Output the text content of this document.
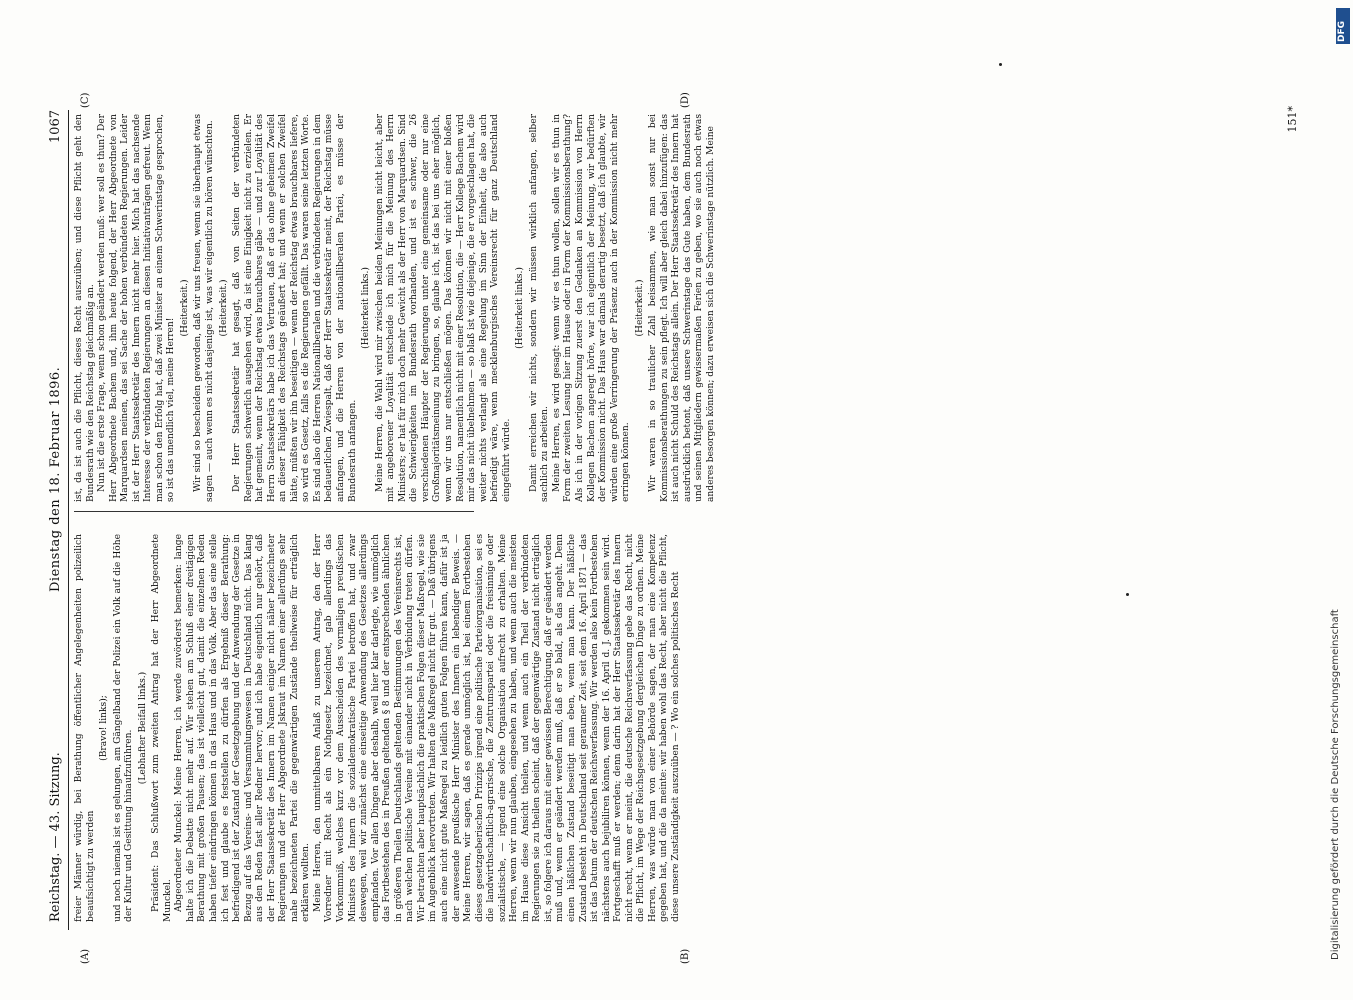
Reichstag. — 43. Sitzung.
Dienstag den 18. Februar 1896.
1067
(A)	(B)
(C)	(D)

freier Männer würdig, bei Berathung öffentlicher Angelegenheiten polizeilich beaufsichtigt zu werden

(Bravo! links); und noch niemals ist es gelungen, am Gängelband der Polizei ein Volk auf die Höhe der Kultur und Gesittung hinaufzuführen.

(Lebhafter Beifall links.) Präsident: Das Schlußwort zum zweiten Antrag hat der Herr Abgeordnete Munckel. Abgeordneter Munckel: Meine Herren, ich werde zuvörderst bemerken: lange halte ich die Debatte nicht mehr auf. Wir stehen am Schluß einer dreitägigen Berathung mit großen Pausen; das ist vielleicht gut, damit die einzelnen Reden haben tiefer eindringen können in das Haus und in das Volk. Aber das eine stelle ich fest und glaube es feststellen zu dürfen als Ergebniß dieser Berathung: befriedigend ist der Zustand der Gesetzgebung und der Anwendung der Gesetze in Bezug auf das Vereins- und Versammlungswesen in Deutschland nicht. Das klang aus den Reden fast aller Redner hervor; und ich habe eigentlich nur gehört, daß der Herr Staatssekretär des Innern im Namen einiger nicht näher bezeichneter Regierungen und der Herr Abgeordnete Jskraut im Namen einer allerdings sehr nahe bezeichneten Partei die gegenwärtigen Zustände theilweise für erträglich erklären wollten. Meine Herren, den unmittelbaren Anlaß zu unserem Antrag, den der Herr Vorredner mit Recht als ein Nothgesetz bezeichnet, gab allerdings das Vorkommniß, welches kurz vor dem Ausscheiden des vormaligen preußischen Ministers des Innern die sozialdemokratische Partei betroffen hat, und zwar deswegen, weil wir zunächst eine einseitige Anwendung des Gesetzes allerdings empfanden. Vor allen Dingen aber deshalb, weil hier klar darlegte, wie unmöglich das Fortbestehen des in Preußen geltenden § 8 und der entsprechenden ähnlichen in größeren Theilen Deutschlands geltenden Bestimmungen des Vereinsrechts ist, nach welchen politische Vereine mit einander nicht in Verbindung treten dürfen. Wir betrachten aber hauptsächlich die praktischen Folgen dieser Maßregel, wie sie im Augenblick hervortreten. Wir halten die Maßregel nicht für gut. — Daß übrigens auch eine nicht gute Maßregel zu leidlich guten Folgen führen kann, dafür ist ja der anwesende preußische Herr Minister des Innern ein lebendiger Beweis. — Meine Herren, wir sagen, daß es gerade unmöglich ist, bei einem Fortbestehen dieses gesetzgeberischen Prinzips irgend eine politische Parteiorganisation, sei es die landwirthschaftlich-agrarische, die Zentrumspartei oder die freisinnige oder sozialistische, — irgend eine solche Organisation aufrecht zu erhalten. Meine Herren, wenn wir nun glauben, eingesehen zu haben, und wenn auch die meisten im Hause diese Ansicht theilen, und wenn auch ein Theil der verbündeten Regierungen sie zu theilen scheint, daß der gegenwärtige Zustand nicht erträglich ist, so folgere ich daraus mit einer gewissen Berechtigung, daß er geändert werden muß und, wenn er geändert werden muß, daß er so bald, als das angeht. Denn einen häßlichen Zustand beseitigt man eben, wenn man kann. Der häßliche Zustand besteht in Deutschland seit geraumer Zeit, seit dem 16. April 1871 — das ist das Datum der deutschen Reichsverfassung. Wir werden also kein Fortbestehen nächstens auch bejubiliren können, wenn der 16. April d. J. gekommen sein wird. Fortgeschafft muß er werden; denn darin hat der Herr Staatssekretär des Innern nicht recht, wenn er meint, die deutsche Reichsverfassung gebe das Recht, nicht die Pflicht, im Wege der Reichsgesetzgebung dergleichen Dinge zu ordnen. Meine Herren, was würde man von einer Behörde sagen, der man eine Kompetenz gegeben hat, und die da meinte: wir haben wohl das Recht, aber nicht die Pflicht, diese unsere Zuständigkeit auszuüben — ? Wo ein solches politisches Recht

ist, da ist auch die Pflicht, dieses Recht auszuüben; und diese Pflicht geht den Bundesrath wie den Reichstag gleichmäßig an. Nun ist die erste Frage, wenn schon geändert werden muß: wer soll es thun? Der Herr Abgeordnete Bachem und, ihm heute folgend, der Herr Abgeordnete von Marquardsen meinen, das sei Sache der hohen verbündeten Regierungen. Leider ist der Herr Staatssekretär des Innern nicht mehr hier. Mich hat das nachsende Interesse der verbündeten Regierungen an diesen Initiativanträgen gefreut. Wenn man schon den Erfolg hat, daß zwei Minister an einem Schwerinstage gesprochen, so ist das unendlich viel, meine Herren!

(Heiterkeit.) Wir sind so bescheiden geworden, daß wir uns freuen, wenn sie überhaupt etwas sagen — auch wenn es nicht dasjenige ist, was wir eigentlich zu hören wünschten. (Heiterkeit.) Der Herr Staatssekretär hat gesagt, daß von Seiten der verbündeten Regierungen schwerlich ausgehen wird, da ist eine Einigkeit nicht zu erzielen. Er hat gemeint, wenn der Reichstag etwas brauchbares gäbe — und zur Loyalität des Herrn Staatssekretärs habe ich das Vertrauen, daß er das ohne geheimen Zweifel an dieser Fähigkeit des Reichstags geäußert hat; und wenn er solchen Zweifel hätte, müßten wir ihn beseitigen — wenn der Reichstag etwas brauchbares liefere, so wird es Gesetz, falls es die Regierungen gefällt. Das waren seine letzten Worte. Es sind also die Herren Nationalliberalen und die verbündeten Regierungen in dem bedauerlichen Zwiespalt, daß der Herr Staatssekretär meint, der Reichstag müsse anfangen, und die Herren von der nationalliberalen Partei, es müsse der Bundesrath anfangen.

(Heiterkeit links.) Meine Herren, die Wahl wird mir zwischen beiden Meinungen nicht leicht, aber mit angeborener Loyalität entscheide ich mich für die Meinung des Herrn Ministers; er hat für mich doch mehr Gewicht als der Herr von Marquardsen. Sind die Schwierigkeiten im Bundesrath vorhanden, und ist es schwer, die 26 verschiedenen Häupter der Regierungen unter eine gemeinsame oder nur eine Großmajoritätsmeinung zu bringen, so, glaube ich, ist das bei uns eher möglich, wenn wir uns nur entschließen mögen. Das können wir nicht mit einer bloßen Resolution, namentlich nicht mit einer Resolution, die — Herr Kollege Bachem wird mir das nicht übelnehmen — so blaß ist wie diejenige, die er vorgeschlagen hat, die weiter nichts verlangt als eine Regelung im Sinn der Einheit, die also auch befriedigt wäre, wenn mecklenburgisches Vereinsrecht für ganz Deutschland eingeführt würde.

(Heiterkeit links.) Damit erreichen wir nichts, sondern wir müssen wirklich anfangen, selber sachlich zu arbeiten. Meine Herren, es wird gesagt: wenn wir es thun wollen, sollen wir es thun in Form der zweiten Lesung hier im Hause oder in Form der Kommissionsberathung? Als ich in der vorigen Sitzung zuerst den Gedanken an Kommission von Herrn Kollegen Bachem angeregt hörte, war ich eigentlich der Meinung, wir bedürften der Kommission nicht. Das Haus war damals derartig besetzt, daß ich glaubte, wir würden eine große Verringerung der Präsenz auch in der Kommission nicht mehr erringen können.

(Heiterkeit.) Wir waren in so traulicher Zahl beisammen, wie man sonst nur bei Kommissionsberathungen zu sein pflegt. Ich will aber gleich dabei hinzufügen: das ist auch nicht Schuld des Reichstags allein. Der Herr Staatssekretär des Innern hat ausdrücklich betont, daß unsere Schwerinstage das Gute haben, dem Bundesrath und seinen Mitgliedern gewissermaßen Ferien zu geben, wo sie auch noch etwas anderes besorgen können; dazu erweisen sich die Schwerinstage nützlich. Meine

151*
DFG
Digitalisierung gefördert durch die Deutsche Forschungsgemeinschaft
